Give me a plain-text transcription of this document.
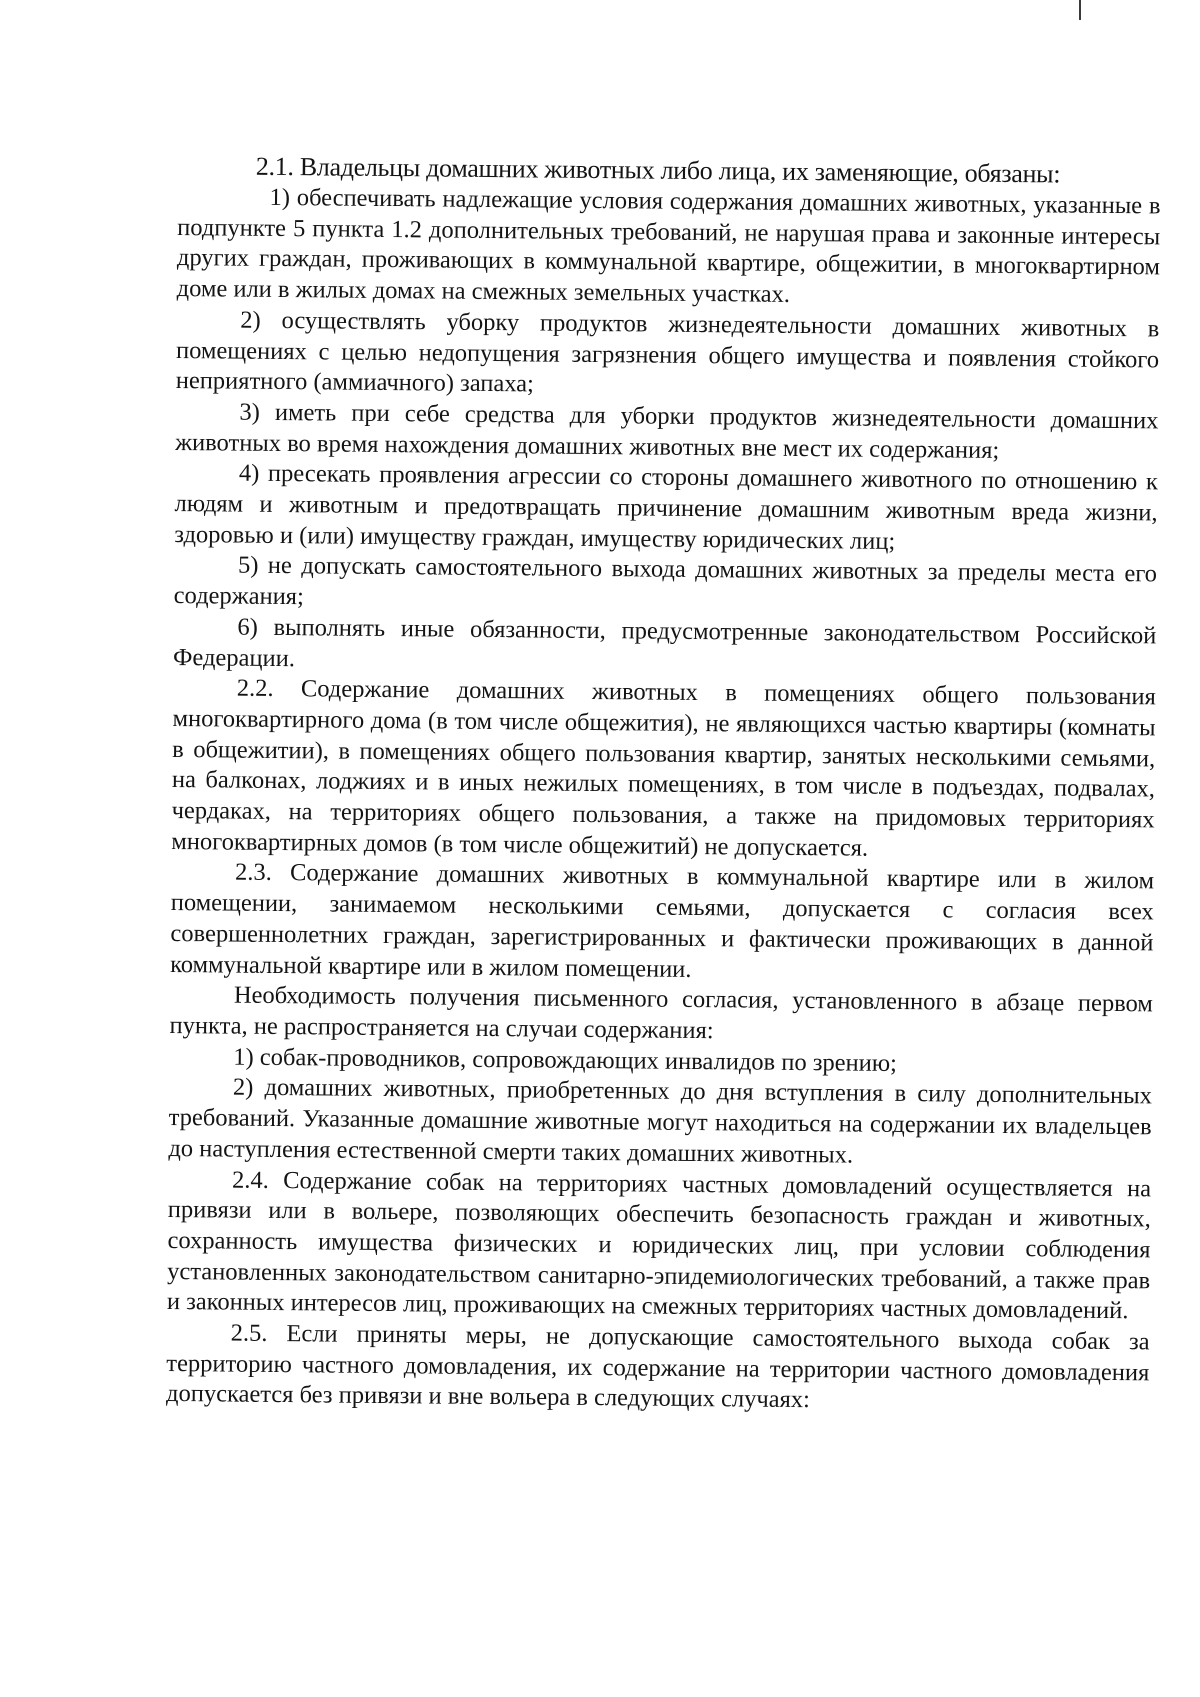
2.1. Владельцы домашних животных либо лица, их заменяющие, обязаны:

1) обеспечивать надлежащие условия содержания домашних животных, указанные в подпункте 5 пункта 1.2 дополнительных требований, не нарушая права и законные интересы других граждан, проживающих в коммунальной квартире, общежитии, в многоквартирном доме или в жилых домах на смежных земельных участках.

2) осуществлять уборку продуктов жизнедеятельности домашних животных в помещениях с целью недопущения загрязнения общего имущества и появления стойкого неприятного (аммиачного) запаха;

3) иметь при себе средства для уборки продуктов жизнедеятельности домашних животных во время нахождения домашних животных вне мест их содержания;

4) пресекать проявления агрессии со стороны домашнего животного по отношению к людям и животным и предотвращать причинение домашним животным вреда жизни, здоровью и (или) имуществу граждан, имуществу юридических лиц;

5) не допускать самостоятельного выхода домашних животных за пределы места его содержания;

6) выполнять иные обязанности, предусмотренные законодательством Российской Федерации.

2.2. Содержание домашних животных в помещениях общего пользования многоквартирного дома (в том числе общежития), не являющихся частью квартиры (комнаты в общежитии), в помещениях общего пользования квартир, занятых несколькими семьями, на балконах, лоджиях и в иных нежилых помещениях, в том числе в подъездах, подвалах, чердаках, на территориях общего пользования, а также на придомовых территориях многоквартирных домов (в том числе общежитий) не допускается.

2.3. Содержание домашних животных в коммунальной квартире или в жилом помещении, занимаемом несколькими семьями, допускается с согласия всех совершеннолетних граждан, зарегистрированных и фактически проживающих в данной коммунальной квартире или в жилом помещении.

Необходимость получения письменного согласия, установленного в абзаце первом пункта, не распространяется на случаи содержания:

1) собак-проводников, сопровождающих инвалидов по зрению;

2) домашних животных, приобретенных до дня вступления в силу дополнительных требований. Указанные домашние животные могут находиться на содержании их владельцев до наступления естественной смерти таких домашних животных.

2.4. Содержание собак на территориях частных домовладений осуществляется на привязи или в вольере, позволяющих обеспечить безопасность граждан и животных, сохранность имущества физических и юридических лиц, при условии соблюдения установленных законодательством санитарно-эпидемиологических требований, а также прав и законных интересов лиц, проживающих на смежных территориях частных домовладений.

2.5. Если приняты меры, не допускающие самостоятельного выхода собак за территорию частного домовладения, их содержание на территории частного домовладения допускается без привязи и вне вольера в следующих случаях:
